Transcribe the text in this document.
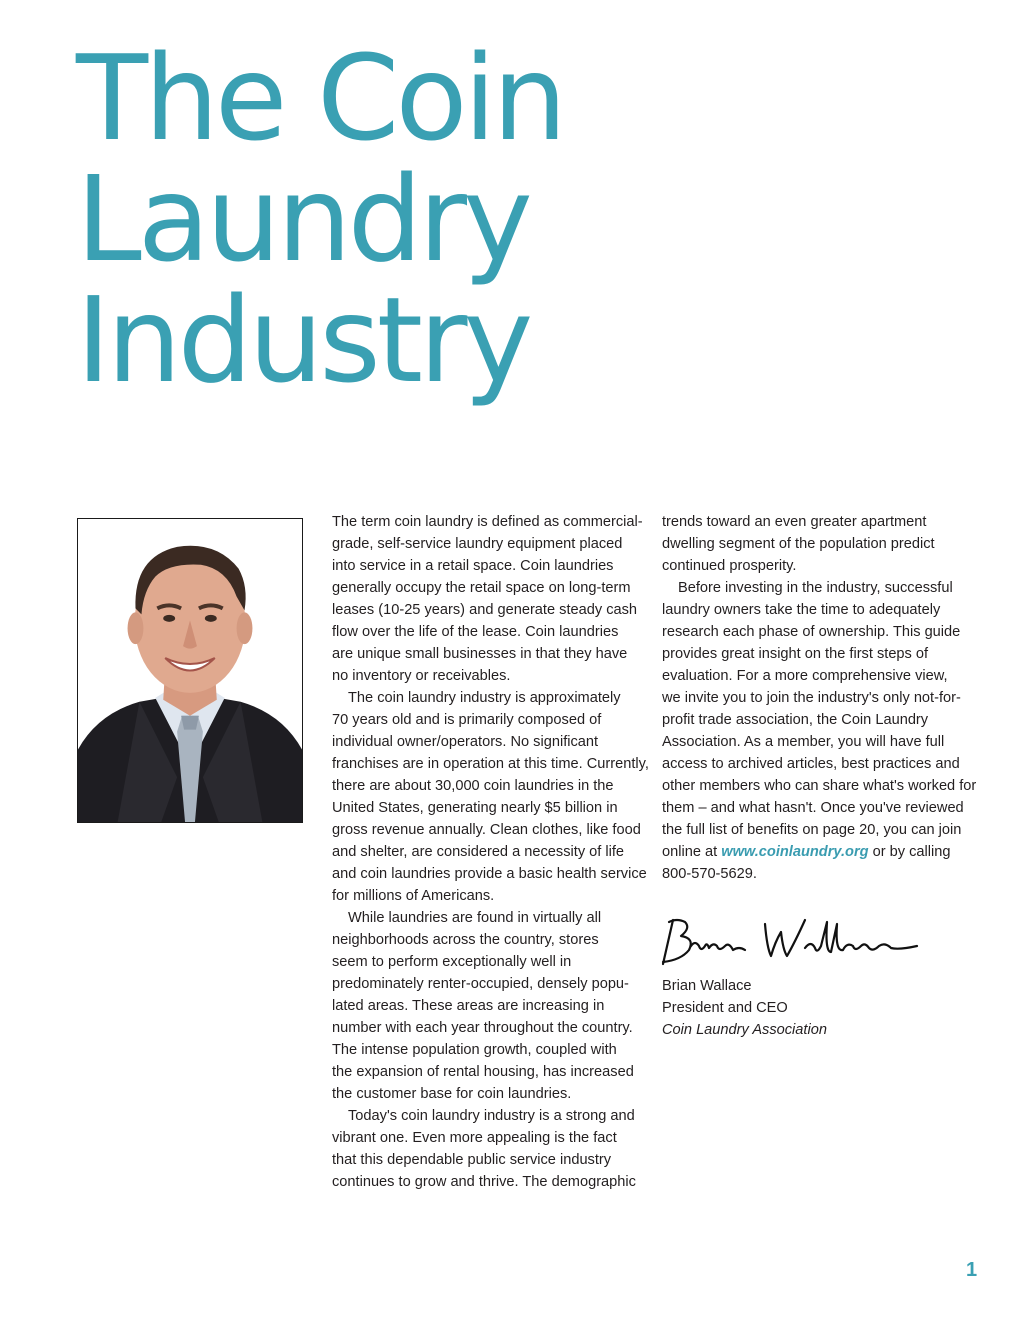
The Coin
Laundry
Industry

The term coin laundry is defined as commercial-
grade, self-service laundry equipment placed
into service in a retail space. Coin laundries
generally occupy the retail space on long-term
leases (10-25 years) and generate steady cash
flow over the life of the lease. Coin laundries
are unique small businesses in that they have
no inventory or receivables.

The coin laundry industry is approximately
70 years old and is primarily composed of
individual owner/operators. No significant
franchises are in operation at this time. Currently,
there are about 30,000 coin laundries in the
United States, generating nearly $5 billion in
gross revenue annually. Clean clothes, like food
and shelter, are considered a necessity of life
and coin laundries provide a basic health service
for millions of Americans.

While laundries are found in virtually all
neighborhoods across the country, stores
seem to perform exceptionally well in
predominately renter-occupied, densely popu-
lated areas. These areas are increasing in
number with each year throughout the country.
The intense population growth, coupled with
the expansion of rental housing, has increased
the customer base for coin laundries.

Today's coin laundry industry is a strong and
vibrant one. Even more appealing is the fact
that this dependable public service industry
continues to grow and thrive. The demographic

trends toward an even greater apartment
dwelling segment of the population predict
continued prosperity.

Before investing in the industry, successful
laundry owners take the time to adequately
research each phase of ownership. This guide
provides great insight on the first steps of
evaluation. For a more comprehensive view,
we invite you to join the industry's only not-for-
profit trade association, the Coin Laundry
Association. As a member, you will have full
access to archived articles, best practices and
other members who can share what's worked for
them – and what hasn't. Once you've reviewed
the full list of benefits on page 20, you can join
online at www.coinlaundry.org or by calling
800-570-5629.

Brian Wallace
President and CEO
Coin Laundry Association
1
